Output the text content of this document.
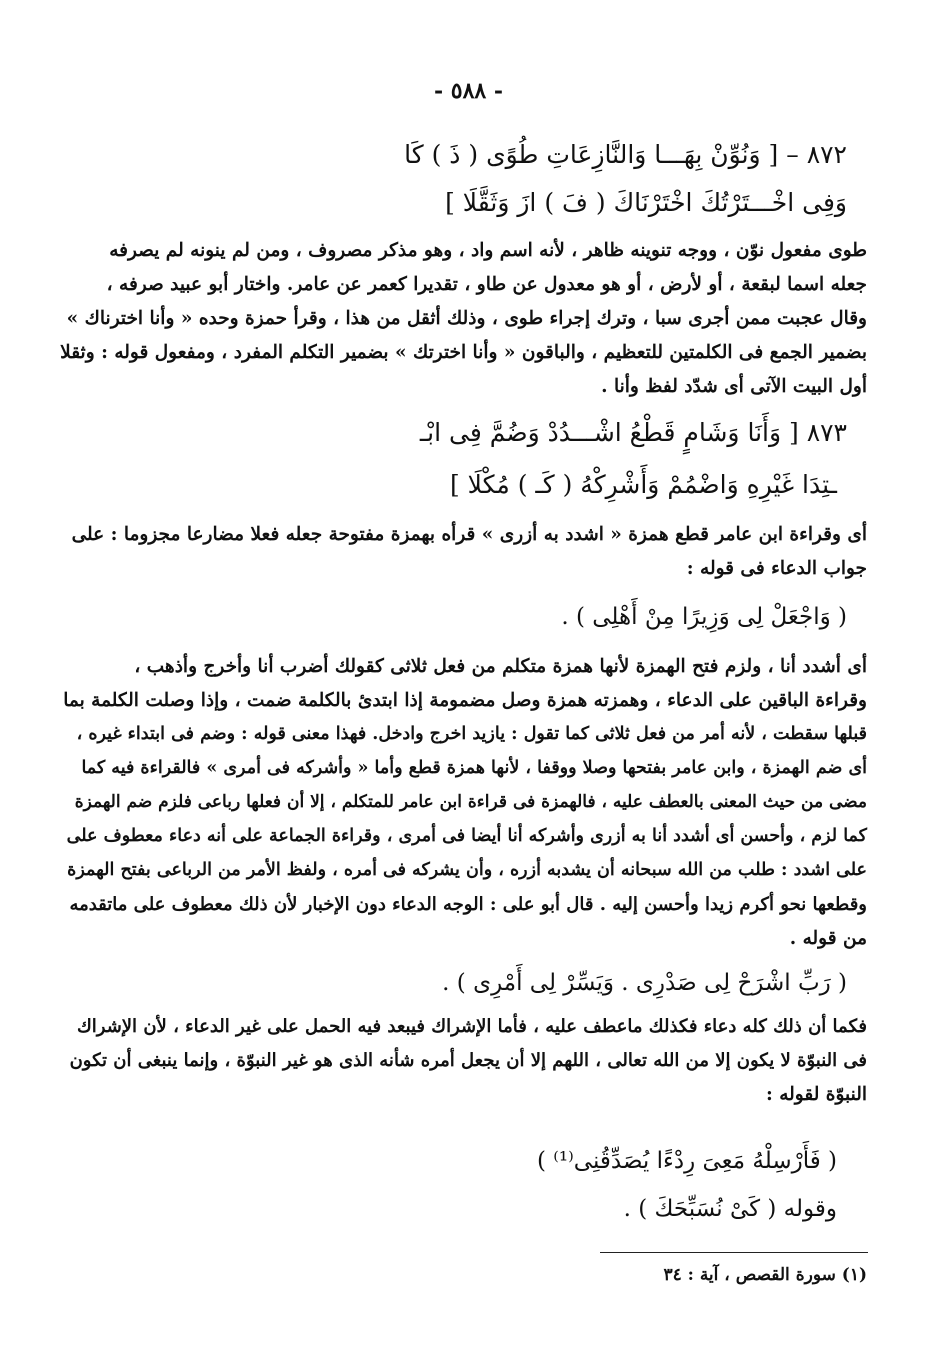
- ٥٨٨ -
٨٧٢ – [ وَنُوِّنْ بِهَـــا وَالنَّازِعَاتِ طُوًى ( ذَ ) كَا
وَفِى اخْـــتَرْتُكَ اخْتَرْنَاكَ ( فَ ) ازَ وَثَقَّلَا ]
طوى مفعول نوّن ، ووجه تنوينه ظاهر ، لأنه اسم واد ، وهو مذكر مصروف ، ومن لم ينونه لم يصرفه
جعله اسما لبقعة ، أو لأرض ، أو هو معدول عن طاو ، تقديرا كعمر عن عامر. واختار أبو عبيد صرفه ،
وقال عجبت ممن أجرى سبا ، وترك إجراء طوى ، وذلك أثقل من هذا ، وقرأ حمزة وحده « وأنا اخترناك »
بضمير الجمع فى الكلمتين للتعظيم ، والباقون « وأنا اخترتك » بضمير التكلم المفرد ، ومفعول قوله : وثقلا
أول البيت الآتى أى شدّد لفظ وأنا .
٨٧٣ [ وَأَنَا وَشَامٍ قَطْعُ اشْـــدُدْ وَضُمَّ فِى ابْـ
ـتِدَا غَيْرِهِ وَاضْمُمْ وَأَشْرِكْهُ ( كَـ ) مُكْلَا ]
أى وقراءة ابن عامر قطع همزة « اشدد به أزرى » قرأه بهمزة مفتوحة جعله فعلا مضارعا مجزوما : على
جواب الدعاء فى قوله :
( وَاجْعَلْ لِى وَزِيرًا مِنْ أَهْلِى ) .
أى أشدد أنا ، ولزم فتح الهمزة لأنها همزة متكلم من فعل ثلاثى كقولك أضرب أنا وأخرج وأذهب ،
وقراءة الباقين على الدعاء ، وهمزته همزة وصل مضمومة إذا ابتدئ بالكلمة ضمت ، وإذا وصلت الكلمة بما
قبلها سقطت ، لأنه أمر من فعل ثلاثى كما تقول : يازيد اخرج وادخل. فهذا معنى قوله : وضم فى ابتداء غيره ،
أى ضم الهمزة ، وابن عامر بفتحها وصلا ووقفا ، لأنها همزة قطع وأما « وأشركه فى أمرى » فالقراءة فيه كما
مضى من حيث المعنى بالعطف عليه ، فالهمزة فى قراءة ابن عامر للمتكلم ، إلا أن فعلها رباعى فلزم ضم الهمزة
كما لزم ، وأحسن أى أشدد أنا به أزرى وأشركه أنا أيضا فى أمرى ، وقراءة الجماعة على أنه دعاء معطوف على
على اشدد : طلب من الله سبحانه أن يشدبه أزره ، وأن يشركه فى أمره ، ولفظ الأمر من الرباعى بفتح الهمزة
وقطعها نحو أكرم زيدا وأحسن إليه . قال أبو على : الوجه الدعاء دون الإخبار لأن ذلك معطوف على ماتقدمه
من قوله .
( رَبِّ اشْرَحْ لِى صَدْرِى . وَيَسِّرْ لِى أَمْرِى ) .
فكما أن ذلك كله دعاء فكذلك ماعطف عليه ، فأما الإشراك فيبعد فيه الحمل على غير الدعاء ، لأن الإشراك
فى النبوّة لا يكون إلا من الله تعالى ، اللهم إلا أن يجعل أمره شأنه الذى هو غير النبوّة ، وإنما ينبغى أن تكون
النبوّة لقوله :
( فَأَرْسِلْهُ مَعِىَ رِدْءًا يُصَدِّقُنِى⁽¹⁾ )
وقوله ( كَىْ نُسَبِّحَكَ ) .
(١) سورة القصص ، آية : ٣٤
